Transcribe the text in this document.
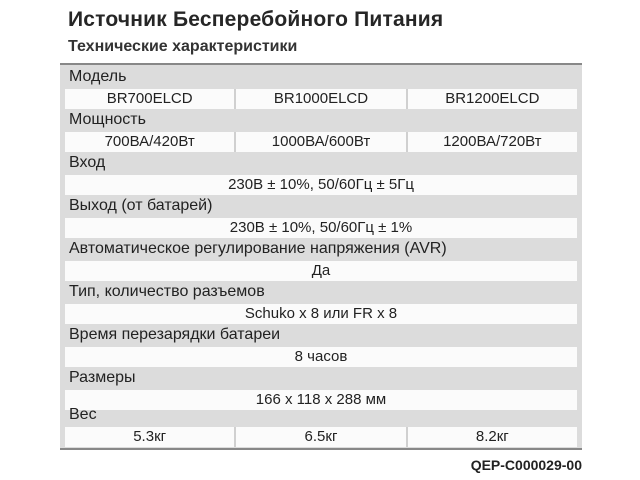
Источник Бесперебойного Питания
Технические характеристики
Модель
BR700ELCD	BR1000ELCD	BR1200ELCD
Мощность
700ВА/420Вт	1000ВА/600Вт	1200ВА/720Вт
Вход
230В ± 10%, 50/60Гц ± 5Гц
Выход (от батарей)
230В ± 10%, 50/60Гц ± 1%
Автоматическое регулирование напряжения (AVR)
Да
Тип, количество разъемов
Schuko x 8 или FR x 8
Время перезарядки батареи
8 часов
Размеры
166 x 118 x 288 мм
Вес
5.3кг	6.5кг	8.2кг
QEP-C000029-00
